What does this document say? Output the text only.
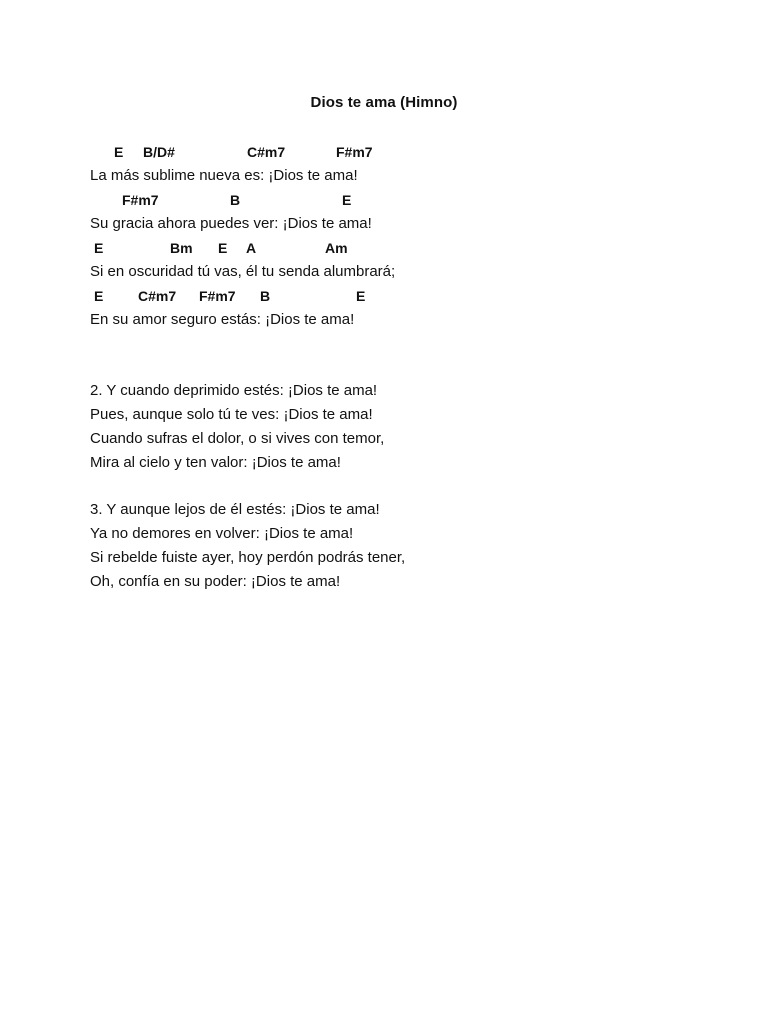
Dios te ama (Himno)
E B/D#	C#m7	F#m7
La más sublime nueva es: ¡Dios te ama!
F#m7	B	E
Su gracia ahora puedes ver: ¡Dios te ama!
E	Bm E A	Am
Si en oscuridad tú vas, él tu senda alumbrará;
E C#m7 F#m7 B	E
En su amor seguro estás: ¡Dios te ama!
2. Y cuando deprimido estés: ¡Dios te ama!
Pues, aunque solo tú te ves: ¡Dios te ama!
Cuando sufras el dolor, o si vives con temor,
Mira al cielo y ten valor: ¡Dios te ama!
3. Y aunque lejos de él estés: ¡Dios te ama!
Ya no demores en volver: ¡Dios te ama!
Si rebelde fuiste ayer, hoy perdón podrás tener,
Oh, confía en su poder: ¡Dios te ama!
